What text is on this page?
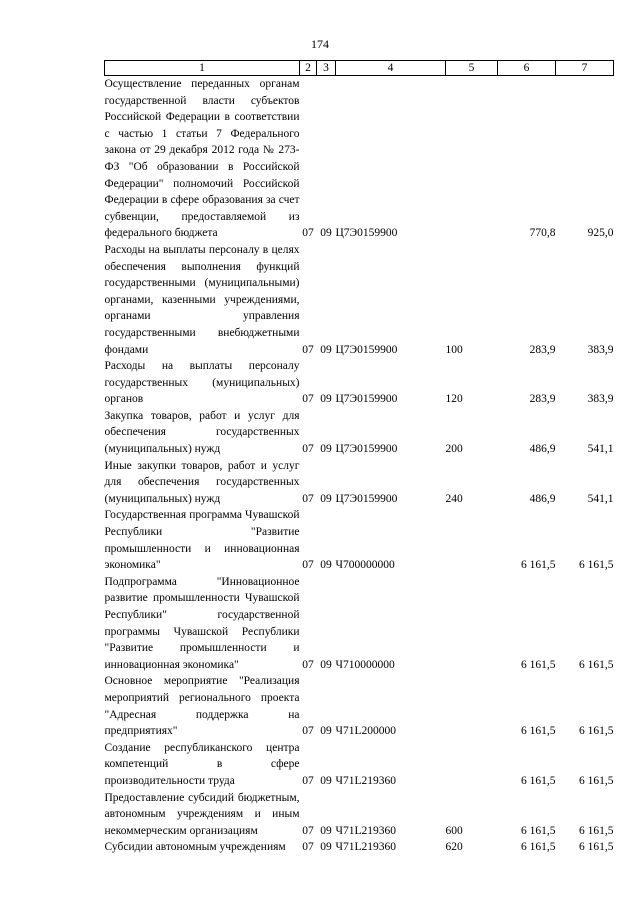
174
1	2	3	4	5	6	7
Осуществление переданных органам государственной власти субъектов Российской Федерации в соответствии с частью 1 статьи 7 Федерального закона от 29 декабря 2012 года № 273-ФЗ "Об образовании в Российской Федерации" полномочий Российской Федерации в сфере образования за счет субвенции, предоставляемой из федерального бюджета	07	09	Ц7Э0159900		770,8	925,0
Расходы на выплаты персоналу в целях обеспечения выполнения функций государственными (муниципальными) органами, казенными учреждениями, органами управления государственными внебюджетными фондами	07	09	Ц7Э0159900	100	283,9	383,9
Расходы на выплаты персоналу государственных (муниципальных) органов	07	09	Ц7Э0159900	120	283,9	383,9
Закупка товаров, работ и услуг для обеспечения государственных (муниципальных) нужд	07	09	Ц7Э0159900	200	486,9	541,1
Иные закупки товаров, работ и услуг для обеспечения государственных (муниципальных) нужд	07	09	Ц7Э0159900	240	486,9	541,1
Государственная программа Чувашской Республики "Развитие промышленности и инновационная экономика"	07	09	Ч700000000		6 161,5	6 161,5
Подпрограмма "Инновационное развитие промышленности Чувашской Республики" государственной программы Чувашской Республики "Развитие промышленности и инновационная экономика"	07	09	Ч710000000		6 161,5	6 161,5
Основное мероприятие "Реализация мероприятий регионального проекта "Адресная поддержка на предприятиях"	07	09	Ч71L200000		6 161,5	6 161,5
Создание республиканского центра компетенций в сфере производительности труда	07	09	Ч71L219360		6 161,5	6 161,5
Предоставление субсидий бюджетным, автономным учреждениям и иным некоммерческим организациям	07	09	Ч71L219360	600	6 161,5	6 161,5
Субсидии автономным учреждениям	07	09	Ч71L219360	620	6 161,5	6 161,5
